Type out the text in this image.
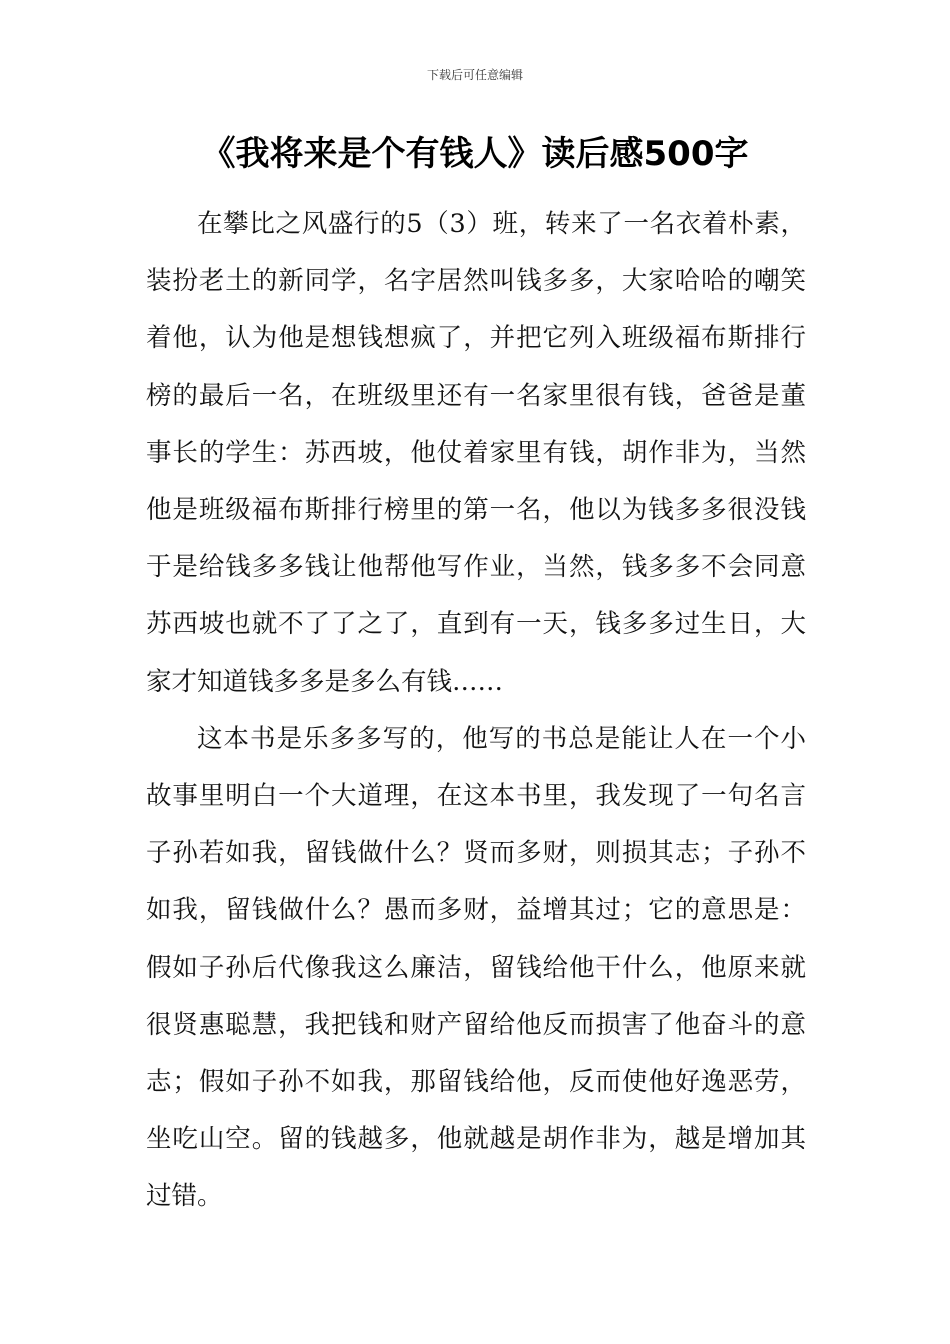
下载后可任意编辑
《我将来是个有钱人》读后感500字

在攀比之风盛行的5（3）班，转来了一名衣着朴素，装扮老土的新同学，名字居然叫钱多多，大家哈哈的嘲笑着他，认为他是想钱想疯了，并把它列入班级福布斯排行榜的最后一名，在班级里还有一名家里很有钱，爸爸是董事长的学生：苏西坡，他仗着家里有钱，胡作非为，当然他是班级福布斯排行榜里的第一名，他以为钱多多很没钱于是给钱多多钱让他帮他写作业，当然，钱多多不会同意苏西坡也就不了了之了，直到有一天，钱多多过生日，大家才知道钱多多是多么有钱……

这本书是乐多多写的，他写的书总是能让人在一个小故事里明白一个大道理，在这本书里，我发现了一句名言子孙若如我，留钱做什么？贤而多财，则损其志；子孙不如我，留钱做什么？愚而多财，益增其过；它的意思是：假如子孙后代像我这么廉洁，留钱给他干什么，他原来就很贤惠聪慧，我把钱和财产留给他反而损害了他奋斗的意志；假如子孙不如我，那留钱给他，反而使他好逸恶劳，坐吃山空。留的钱越多，他就越是胡作非为，越是增加其过错。
